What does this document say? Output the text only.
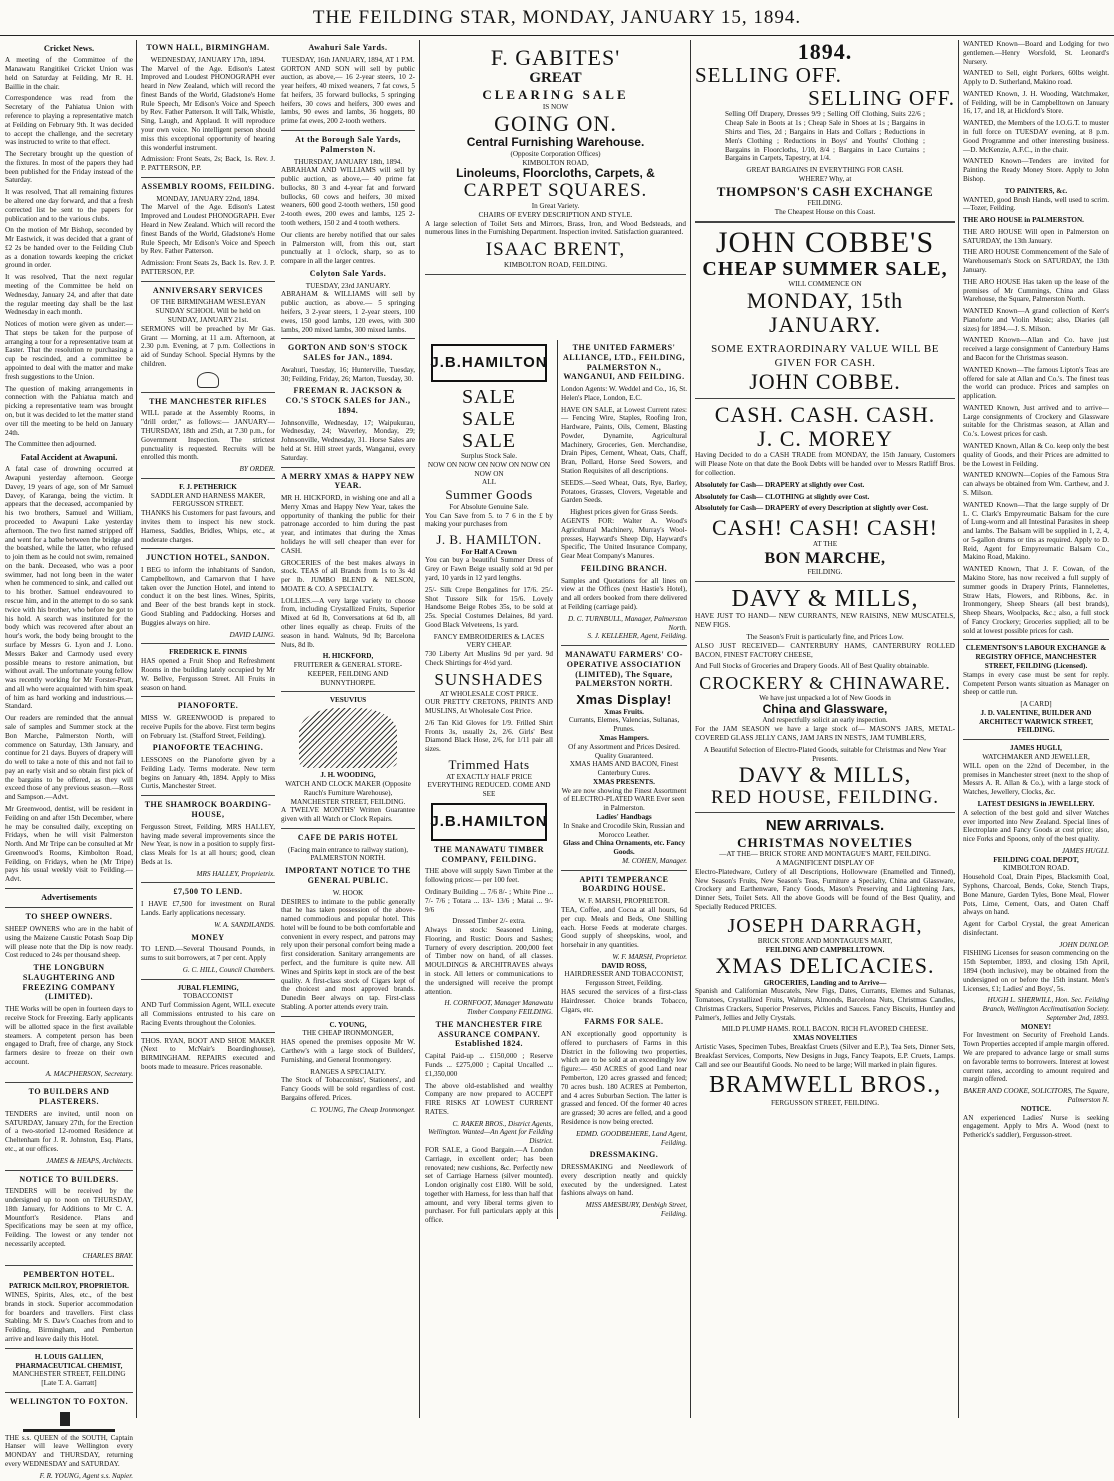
THE FEILDING STAR, MONDAY, JANUARY 15, 1894.
Cricket News.

A meeting of the Committee of the Manawatu Rangitikei Cricket Union was held on Saturday at Feilding, Mr R. H. Baillie in the chair.

Correspondence was read from the Secretary of the Pahiatua Union with reference to playing a representative match at Feilding on February 9th. It was decided to accept the challenge, and the secretary was instructed to write to that effect.

The Secretary brought up the question of the fixtures. In most of the papers they had been published for the Friday instead of the Saturday.

It was resolved, That all remaining fixtures be altered one day forward, and that a fresh corrected list be sent to the papers for publication and to the various clubs.

On the motion of Mr Bishop, seconded by Mr Eastwick, it was decided that a grant of £2 2s be handed over to the Feilding Club as a donation towards keeping the cricket ground in order.

It was resolved, That the next regular meeting of the Committee be held on Wednesday, January 24, and after that date the regular meeting day shall be the last Wednesday in each month.

Notices of motion were given as under:—That steps be taken for the purpose of arranging a tour for a representative team at Easter. That the resolution re purchasing a cup be rescinded, and a committee be appointed to deal with the matter and make fresh suggestions to the Union.

The question of making arrangements in connection with the Pahiatua match and picking a representative team was brought on, but it was decided to let the matter stand over till the meeting to be held on January 24th.

The Committee then adjourned.

Fatal Accident at Awapuni.

A fatal case of drowning occurred at Awapuni yesterday afternoon. George Davey, 19 years of age, son of Mr Samuel Davey, of Karanga, being the victim. It appears that the deceased, accompanied by his two brothers, Samuel and William, proceeded to Awapuni Lake yesterday afternoon. The two first named stripped off and went for a bathe between the bridge and the boatshed, while the latter, who refused to join them as he could not swim, remained on the bank. Deceased, who was a poor swimmer, had not long been in the water when he commenced to sink, and called out to his brother. Samuel endeavoured to rescue him, and in the attempt to do so sank twice with his brother, who before he got to his hold. A search was instituted for the body which was recovered after about an hour's work, the body being brought to the surface by Messrs G. Lyon and J. Lono. Messrs Baker and Carmody used every possible means to restore animation, but without avail. The unfortunate young fellow was recently working for Mr Forster-Pratt, and all who were acquainted with him speak of him as hard working and industrious.—Standard.

Our readers are reminded that the annual sale of samples and Summer stock at the Bon Marche, Palmerston North, will commence on Saturday, 13th January, and continue for 21 days. Buyers of drapery will do well to take a note of this and not fail to pay an early visit and so obtain first pick of the bargains to be offered, as they will exceed those of any previous season.—Ross and Sampson.—Advt.

Mr Greenwood, dentist, will be resident in Feilding on and after 15th December, where he may be consulted daily, excepting on Fridays, when he will visit Palmerston North. And Mr Tripe can be consulted at Mr Greenwood's Rooms, Kimbolton Road, Feilding, on Fridays, when he (Mr Tripe) pays his usual weekly visit to Feilding.—Advt.

Advertisements
TO SHEEP OWNERS.

SHEEP OWNERS who are in the habit of using the Maizene Caustic Potash Soap Dip will please note that the Dip is now ready. Cost reduced to 24s per thousand sheep.

THE LONGBURN SLAUGHTERING AND FREEZING COMPANY (LIMITED).

THE Works will be open in fourteen days to receive Stock for Freezing. Early applicants will be allotted space in the first available steamers. A competent person has been engaged to Draft, free of charge, any Stock farmers desire to freeze on their own account.

A. MACPHERSON, Secretary.

TO BUILDERS AND PLASTERERS.

TENDERS are invited, until noon on SATURDAY, January 27th, for the Erection of a two-storied 12-roomed Residence at Cheltenham for J. R. Johnston, Esq. Plans, etc., at our offices.

JAMES & HEAPS, Architects.

NOTICE TO BUILDERS.

TENDERS will be received by the undersigned up to noon on THURSDAY, 18th January, for Additions to Mr C. A. Mountfort's Residence. Plans and Specifications may be seen at my office, Feilding. The lowest or any tender not necessarily accepted.

CHARLES BRAY.

PEMBERTON HOTEL.
PATRICK McILROY, PROPRIETOR.

WINES, Spirits, Ales, etc., of the best brands in stock. Superior accommodation for boarders and travellers. First class Stabling. Mr S. Daw's Coaches from and to Feilding, Birmingham, and Pemberton arrive and leave daily this Hotel.

H. LOUIS GALLIEN, PHARMACEUTICAL CHEMIST,
MANCHESTER STREET, FEILDING
[Late T. A. Garratt]
WELLINGTON TO FOXTON.

THE s.s. QUEEN of the SOUTH, Captain Hanser will leave Wellington every MONDAY and THURSDAY, returning every WEDNESDAY and SATURDAY.

F. R. YOUNG, Agent s.s. Napier.

TOWN HALL, BIRMINGHAM.
WEDNESDAY, JANUARY 17th, 1894.

The Marvel of the Age. Edison's Latest Improved and Loudest PHONOGRAPH ever heard in New Zealand, which will record the finest Bands of the World, Gladstone's Home Rule Speech, Mr Edison's Voice and Speech by Rev. Father Patterson. It will Talk, Whistle, Sing, Laugh, and Applaud. It will reproduce your own voice. No intelligent person should miss this exceptional opportunity of hearing this wonderful instrument.

Admission: Front Seats, 2s; Back, 1s. Rev. J. P. PATTERSON, P.P.

ASSEMBLY ROOMS, FEILDING.
MONDAY, JANUARY 22nd, 1894.

The Marvel of the Age. Edison's Latest Improved and Loudest PHONOGRAPH. Ever Heard in New Zealand. Which will record the finest Bands of the World, Gladstone's Home Rule Speech, Mr Edison's Voice and Speech by Rev. Father Patterson.

Admission: Front Seats 2s, Back 1s. Rev. J. P. PATTERSON, P.P.

ANNIVERSARY SERVICES

OF THE BIRMINGHAM WESLEYAN SUNDAY SCHOOL Will be held on SUNDAY, JANUARY 21st.

SERMONS will be preached by Mr Gas. Grant — Morning, at 11 a.m. Afternoon, at 2.30 p.m. Evening, at 7 p.m. Collections in aid of Sunday School. Special Hymns by the children.

THE MANCHESTER RIFLES

WILL parade at the Assembly Rooms, in "drill order," as follows:— JANUARY—THURSDAY, 18th and 25th, at 7.30 p.m., for Government Inspection. The strictest punctuality is requested. Recruits will be enrolled this month.

BY ORDER.

F. J. PETHERICK
SADDLER AND HARNESS MAKER, FERGUSSON STREET.

THANKS his Customers for past favours, and invites them to inspect his new stock. Harness, Saddles, Bridles, Whips, etc., at moderate charges.

JUNCTION HOTEL, SANDON.

I BEG to inform the inhabitants of Sandon, Campbelltown, and Carnarvon that I have taken over the Junction Hotel, and intend to conduct it on the best lines. Wines, Spirits, and Beer of the best brands kept in stock. Good Stabling and Paddocking. Horses and Buggies always on hire.

DAVID LAING.

FREDERICK E. FINNIS

HAS opened a Fruit Shop and Refreshment Rooms in the building lately occupied by Mr W. Bellve, Fergusson Street. All Fruits in season on hand.

PIANOFORTE.

MISS W. GREENWOOD is prepared to receive Pupils for the above. First term begins on February 1st. (Stafford Street, Feilding).

PIANOFORTE TEACHING.

LESSONS on the Pianoforte given by a Feilding Lady. Terms moderate. New term begins on January 4th, 1894. Apply to Miss Curtis, Manchester Street.

THE SHAMROCK BOARDING-HOUSE,

Fergusson Street, Feilding. MRS HALLEY, having made several improvements since the New Year, is now in a position to supply first-class Meals for 1s at all hours; good, clean Beds at 1s.

MRS HALLEY, Proprietrix.

£7,500 TO LEND.

I HAVE £7,500 for investment on Rural Lands. Early applications necessary.

W. A. SANDILANDS.

MONEY

TO LEND.—Several Thousand Pounds, in sums to suit borrowers, at 7 per cent. Apply

G. C. HILL, Council Chambers.

JUBAL FLEMING,
TOBACCONIST

AND Turf Commission Agent, WILL execute all Commissions entrusted to his care on Racing Events throughout the Colonies.

THOS. RYAN, BOOT AND SHOE MAKER (Next to McNair's Boardinghouse), BIRMINGHAM. REPAIRS executed and boots made to measure. Prices reasonable.

Awahuri Sale Yards.
TUESDAY, 16th JANUARY, 1894, AT 1 P.M.

GORTON AND SON will sell by public auction, as above,— 16 2-year steers, 10 2-year heifers, 40 mixed weaners, 7 fat cows, 5 fat heifers, 35 forward bullocks, 5 springing heifers, 30 cows and heifers, 300 ewes and lambs, 90 ewes and lambs, 36 hoggets, 80 prime fat ewes, 200 2-tooth wethers.

At the Borough Sale Yards, Palmerston N.
THURSDAY, JANUARY 18th, 1894.

ABRAHAM AND WILLIAMS will sell by public auction, as above,— 40 prime fat bullocks, 80 3 and 4-year fat and forward bullocks, 60 cows and heifers, 30 mixed weaners, 600 good 2-tooth wethers, 150 good 2-tooth ewes, 200 ewes and lambs, 125 2-tooth wethers, 150 2 and 4 tooth wethers.

Our clients are hereby notified that our sales in Palmerston will, from this out, start punctually at 1 o'clock, sharp, so as to compare in all the larger centres.

Colyton Sale Yards.
TUESDAY, 23rd JANUARY.

ABRAHAM & WILLIAMS will sell by public auction, as above.— 5 springing heifers, 3 2-year steers, 1 2-year steers, 100 ewes, 150 good lambs, 120 ewes, with 300 lambs, 200 mixed lambs, 300 mixed lambs.

GORTON AND SON'S STOCK SALES for JAN., 1894.

Awahuri, Tuesday, 16; Hunterville, Tuesday, 30; Feilding, Friday, 26; Marton, Tuesday, 30.

FREEMAN R. JACKSON & CO.'S STOCK SALES for JAN., 1894.

Johnsonville, Wednesday, 17; Waipukurau, Wednesday, 24; Waverley, Monday, 29; Johnsonville, Wednesday, 31. Horse Sales are held at St. Hill street yards, Wanganui, every Saturday.

A MERRY XMAS & HAPPY NEW YEAR.

MR H. HICKFORD, in wishing one and all a Merry Xmas and Happy New Year, takes the opportunity of thanking the public for their patronage accorded to him during the past year, and intimates that during the Xmas holidays he will sell cheaper than ever for CASH.

GROCERIES of the best makes always in stock. TEAS of all Brands from 1s to 3s 4d per lb. JUMBO BLEND & NELSON, MOATE & CO. A SPECIALTY.

LOLLIES.—A very large variety to choose from, including Crystallized Fruits, Superior Mixed at 6d lb, Conversations at 6d lb, all other lines equally as cheap. Fruits of the season in hand. Walnuts, 9d lb; Barcelona Nuts, 8d lb.

H. HICKFORD,
FRUITERER & GENERAL STORE-KEEPER, FEILDING AND BUNNYTHORPE.
VESUVIUS
J. H. WOODING,
WATCH AND CLOCK MAKER (Opposite Rauch's Furniture Warehouse), MANCHESTER STREET, FEILDING.

A TWELVE MONTHS' Written Guarantee given with all Watch or Clock Repairs.

CAFE DE PARIS HOTEL

(Facing main entrance to railway station), PALMERSTON NORTH.

IMPORTANT NOTICE TO THE GENERAL PUBLIC.
W. HOOK

DESIRES to intimate to the public generally that he has taken possession of the above-named commodious and popular hotel. This hotel will be found to be both comfortable and convenient in every respect, and patrons may rely upon their personal comfort being made a first consideration. Sanitary arrangements are perfect, and the furniture is quite new. All Wines and Spirits kept in stock are of the best quality. A first-class stock of Cigars kept of the choicest and most approved brands. Dunedin Beer always on tap. First-class Stabling. A porter attends every train.

C. YOUNG,
THE CHEAP IRONMONGER,

HAS opened the premises opposite Mr W. Carthew's with a large stock of Builders', Furnishing, and General Ironmongery.

RANGES A SPECIALTY.

The Stock of Tobacconists', Stationers', and Fancy Goods will be sold regardless of cost. Bargains offered. Prices.

C. YOUNG, The Cheap Ironmonger.

F. GABITES'
GREAT
CLEARING SALE
IS NOW
GOING ON.
Central Furnishing Warehouse.
(Opposite Corporation Offices)
KIMBOLTON ROAD,
Linoleums, Floorcloths, Carpets, &
CARPET SQUARES.
In Great Variety.
CHAIRS OF EVERY DESCRIPTION AND STYLE.

A large selection of Toilet Sets and Mirrors, Brass, Iron, and Wood Bedsteads, and numerous lines in the Furnishing Department. Inspection invited. Satisfaction guaranteed.

ISAAC BRENT,
KIMBOLTON ROAD, FEILDING.
J.B.HAMILTON
SALE
SALE
SALE
Surplus Stock Sale.
NOW ON NOW ON NOW ON NOW ON NOW ON
ALL
Summer Goods
For Absolute Genuine Sale.

You Can Save from 5. to 7 6 in the £ by making your purchases from

J. B. HAMILTON.
For Half A Crown

You can buy a beautiful Summer Dress of Grey or Fawn Beige usually sold at 9d per yard, 10 yards in 12 yard lengths.

25/- Silk Crepe Bengalines for 17/6. 25/- Shot Tussore Silk for 15/6. Lovely Handsome Beige Robes 35s, to be sold at 25s. Special Costumes Delaines, 8d yard. Good Black Velveteens, 1s yard.

FANCY EMBROIDERIES & LACES VERY CHEAP.

730 Liberty Art Muslins 9d per yard. 9d Check Shirtings for 4½d yard.

SUNSHADES
AT WHOLESALE COST PRICE.

OUR PRETTY CRETONS, PRINTS AND MUSLINS, At Wholesale Cost Price.

2/6 Tan Kid Gloves for 1/9. Frilled Shirt Fronts 3s, usually 2s, 2/6. Girls' Best Diamond Black Hose, 2/6, for 1/11 pair all sizes.

Trimmed Hats
AT EXACTLY HALF PRICE
EVERYTHING REDUCED. COME AND SEE
J.B.HAMILTON
THE MANAWATU TIMBER COMPANY, FEILDING.

THE above will supply Sawn Timber at the following prices:— per 100 feet.

Ordinary Building ... 7/6 8/- ; White Pine ... 7/- 7/6 ; Totara ... 13/- 13/6 ; Matai ... 9/- 9/6

Dressed Timber 2/- extra.

Always in stock: Seasoned Lining, Flooring, and Rustic: Doors and Sashes; Turnery of every description. 200,000 feet of Timber now on hand, of all classes. MOULDINGS & ARCHITRAVES always in stock. All letters or communications to the undersigned will receive the prompt attention.

H. CORNFOOT, Manager Manawatu Timber Company FEILDING.

THE MANCHESTER FIRE ASSURANCE COMPANY. Established 1824.

Capital Paid-up ... £150,000 ; Reserve Funds ... £275,000 ; Capital Uncalled ... £1,350,000

The above old-established and wealthy Company are now prepared to ACCEPT FIRE RISKS AT LOWEST CURRENT RATES.

C. RAKER BROS., District Agents, Wellington. Wanted—An Agent for Feilding District.

FOR SALE, a Good Bargain.—A London Carriage, in excellent order; has been renovated; new cushions, &c. Perfectly new set of Carriage Harness (silver mounted). London originally cost £180. Will be sold, together with Harness, for less than half that amount, and very liberal terms given to purchaser. For full particulars apply at this office.

THE UNITED FARMERS' ALLIANCE, LTD., FEILDING, PALMERSTON N., WANGANUI, AND FEILDING.

London Agents: W. Weddel and Co., 16, St. Helen's Place, London, E.C.

HAVE ON SALE, at Lowest Current rates:— Fencing Wire, Staples, Roofing Iron, Hardware, Paints, Oils, Cement, Blasting Powder, Dynamite, Agricultural Machinery, Groceries, Gen. Merchandise, Drain Pipes, Cement, Wheat, Oats, Chaff, Bran, Pollard, Horse Seed Sowers, and Station Requisites of all descriptions.

SEEDS.—Seed Wheat, Oats, Rye, Barley, Potatoes, Grasses, Clovers, Vegetable and Garden Seeds.

Highest prices given for Grass Seeds.

AGENTS FOR: Walter A. Wood's Agricultural Machinery, Murray's Wool-presses, Hayward's Sheep Dip, Hayward's Specific, The United Insurance Company, Gear Meat Company's Manures.

FEILDING BRANCH.

Samples and Quotations for all lines on view at the Offices (next Hastie's Hotel), and all orders booked from there delivered at Feilding (carriage paid).

D. C. TURNBULL, Manager, Palmerston North.

S. J. KELLEHER, Agent, Feilding.

MANAWATU FARMERS' CO-OPERATIVE ASSOCIATION (LIMITED), The Square, PALMERSTON NORTH.
Xmas Display!
Xmas Fruits.

Currants, Elemes, Valencias, Sultanas, Prunes.

Xmas Hampers.

Of any Assortment and Prices Desired. Quality Guaranteed.

XMAS HAMS AND BACON, Finest Canterbury Cures.

XMAS PRESENTS.

We are now showing the Finest Assortment of ELECTRO-PLATED WARE Ever seen in Palmerston.

Ladies' Handbags

In Snake and Crocodile Skin, Russian and Morocco Leather.

Glass and China Ornaments, etc. Fancy Goods.

M. COHEN, Manager.

APITI TEMPERANCE BOARDING HOUSE.
W. F. MARSH, PROPRIETOR.

TEA, Coffee, and Cocoa at all hours, 6d per cup. Meals and Beds, One Shilling each. Horse Feeds at moderate charges. Good supply of sheepskins, wool, and horsehair in any quantities.

W. F. MARSH, Proprietor.

DAVID ROSS,
HAIRDRESSER AND TOBACCONIST, Fergusson Street, Feilding.

HAS secured the services of a first-class Hairdresser. Choice brands Tobacco, Cigars, etc.

FARMS FOR SALE.

AN exceptionally good opportunity is offered to purchasers of Farms in this District in the following two properties, which are to be sold at an exceedingly low figure:— 450 ACRES of good Land near Pemberton, 120 acres grassed and fenced; 70 acres bush. 180 ACRES at Pemberton, and 4 acres Suburban Section. The latter is grassed and fenced. Of the former 40 acres are grassed; 30 acres are felled, and a good Residence is now being erected.

EDMD. GOODBEHERE, Land Agent, Feilding.

DRESSMAKING.

DRESSMAKING and Needlework of every description neatly and quickly executed by the undersigned. Latest fashions always on hand.

MISS AMESBURY, Denbigh Street, Feilding.

1894.
SELLING OFF.
SELLING OFF.

Selling Off Drapery, Dresses 9/9 ; Selling Off Clothing, Suits 22/6 ; Cheap Sale in Boots at 1s ; Cheap Sale in Shoes at 1s ; Bargains in Shirts and Ties, 2d ; Bargains in Hats and Collars ; Reductions in Men's Clothing ; Reductions in Boys' and Youths' Clothing ; Bargains in Floorcloths, 1/10, 8/4 ; Bargains in Lace Curtains ; Bargains in Carpets, Tapestry, at 1/4.

GREAT BARGAINS IN EVERYTHING FOR CASH.
WHERE? Why, at
THOMPSON'S CASH EXCHANGE
FEILDING.
The Cheapest House on this Coast.
JOHN COBBE'S
CHEAP SUMMER SALE,
WILL COMMENCE ON
MONDAY, 15th JANUARY.
SOME EXTRAORDINARY VALUE WILL BE GIVEN FOR CASH.
JOHN COBBE.
CASH. CASH. CASH.
J. C. MOREY

Having Decided to do a CASH TRADE from MONDAY, the 15th January, Customers will Please Note on that date the Book Debts will be handed over to Messrs Ratliff Bros. for collection.

Absolutely for Cash— DRAPERY at slightly over Cost.

Absolutely for Cash— CLOTHING at slightly over Cost.

Absolutely for Cash— DRAPERY of every Description at slightly over Cost.

CASH! CASH! CASH!
AT THE
BON MARCHE,
FEILDING.
DAVY & MILLS,

HAVE JUST TO HAND— NEW CURRANTS, NEW RAISINS, NEW MUSCATELS, NEW FIGS.

The Season's Fruit is particularly fine, and Prices Low.

ALSO JUST RECEIVED— CANTERBURY HAMS, CANTERBURY ROLLED BACON, FINEST FACTORY CHEESE,

And Full Stocks of Groceries and Drapery Goods. All of Best Quality obtainable.

CROCKERY & CHINAWARE.
We have just unpacked a lot of New Goods in
China and Glassware,
And respectfully solicit an early inspection.

For the JAM SEASON we have a large stock of— MASON'S JARS, METAL-COVERED GLASS JELLY CANS, JAM JARS IN NESTS, JAM TUMBLERS,

A Beautiful Selection of Electro-Plated Goods, suitable for Christmas and New Year Presents.

DAVY & MILLS,
RED HOUSE, FEILDING.
NEW ARRIVALS.
CHRISTMAS NOVELTIES
—AT THE— BRICK STORE AND MONTAGUE'S MART, FEILDING.
A MAGNIFICENT DISPLAY OF

Electro-Platedware, Cutlery of all Descriptions, Hollowware (Enamelled and Tinned), New Season's Fruits, New Season's Teas, Furniture a Specialty, China and Glassware, Crockery and Earthenware, Fancy Goods, Mason's Preserving and Lightening Jars, Dinner Sets, Toilet Sets. All the above Goods will be found of the Best Quality, and Specially Reduced PRICES.

JOSEPH DARRAGH,
BRICK STORE AND MONTAGUE'S MART,
FEILDING AND CAMPBELLTOWN.
XMAS DELICACIES.
GROCERIES, Landing and to Arrive—

Spanish and Californian Muscatels, New Figs, Dates, Currants, Elemes and Sultanas, Tomatoes, Crystallized Fruits, Walnuts, Almonds, Barcelona Nuts, Christmas Candles, Christmas Crackers, Superior Preserves, Pickles and Sauces. Fancy Biscuits, Huntley and Palmer's, Jellies and Jelly Crystals.

MILD PLUMP HAMS. ROLL BACON. RICH FLAVORED CHEESE.
XMAS NOVELTIES

Artistic Vases, Specimen Tubes, Breakfast Cruets (Silver and E.P.), Tea Sets, Dinner Sets, Breakfast Services, Comports, New Designs in Jugs, Fancy Teapots, E.P. Cruets, Lamps. Call and see our Beautiful Goods. No need to be large; Will marked in plain figures.

BRAMWELL BROS.,
FERGUSSON STREET, FEILDING.

WANTED Known—Board and Lodging for two gentlemen.—Henry Worsfold, St. Leonard's Nursery.

WANTED to Sell, eight Porkers, 60lbs weight. Apply to D. Sutherland, Makino road.

WANTED Known, J. H. Wooding, Watchmaker, of Feilding, will be in Campbelltown on January 16, 17, and 18, at Hickford's Store.

WANTED, the Members of the I.O.G.T. to muster in full force on TUESDAY evening, at 8 p.m. Good Programme and other interesting business.—D. McKenzie, A.F.C., in the chair.

WANTED Known—Tenders are invited for Painting the Ready Money Store. Apply to John Bishop.

TO PAINTERS, &c.

WANTED, good Brush Hands, well used to scrim.—Tozer, Feilding.

THE ARO HOUSE in PALMERSTON.

THE ARO HOUSE Will open in Palmerston on SATURDAY, the 13th January.

THE ARO HOUSE Commencement of the Sale of Warehouseman's Stock on SATURDAY, the 13th January.

THE ARO HOUSE Has taken up the lease of the premises of Mr Cummings, China and Glass Warehouse, the Square, Palmerston North.

WANTED Known—A grand collection of Kerr's Pianoforte and Violin Music; also, Diaries (all sizes) for 1894.—J. S. Milson.

WANTED Known—Allan and Co. have just received a large consignment of Canterbury Hams and Bacon for the Christmas season.

WANTED Known—The famous Lipton's Teas are offered for sale at Allan and Co.'s. The finest teas the world can produce. Prices and samples on application.

WANTED Known, Just arrived and to arrive—Large consignments of Crockery and Glassware suitable for the Christmas season, at Allan and Co.'s. Lowest prices for cash.

WANTED Known, Allan & Co. keep only the best quality of Goods, and their Prices are admitted to be the Lowest in Feilding.

WANTED KNOWN—Copies of the Famous Stra can always be obtained from Wm. Carthew, and J. S. Milson.

WANTED Known—That the large supply of Dr L. C. Clark's Empyreumatic Balsam for the cure of Lung-worm and all Intestinal Parasites in sheep and lambs. The Balsam will be supplied in 1, 2, 4, or 5-gallon drums or tins as required. Apply to D. Reid, Agent for Empyreumatic Balsam Co., Makino Road, Makino.

WANTED Known, That J. F. Cowan, of the Makino Store, has now received a full supply of summer goods in Drapery Prints, Flannelettes, Straw Hats, Flowers, and Ribbons, &c. in Ironmongery, Sheep Shears (all best brands), Sheep Shears, Woolpacks, &c.; also, a full stock of Fancy Crockery; Groceries supplied; all to be sold at lowest possible prices for cash.

CLEMENTSON'S LABOUR EXCHANGE & REGISTRY OFFICE, MANCHESTER STREET, FEILDING (Licensed).

Stamps in every case must be sent for reply. Competent Person wants situation as Manager on sheep or cattle run.

[A CARD]
J. D. VALENTINE, BUILDER AND ARCHITECT WARWICK STREET, FEILDING.
JAMES HUGLI,
WATCHMAKER AND JEWELLER,

WILL open on the 22nd of December, in the premises in Manchester street (next to the shop of Messrs A. R. Allan & Co.), with a large stock of Watches, Jewellery, Clocks, &c.

LATEST DESIGNS in JEWELLERY.

A selection of the best gold and silver Watches ever imported into New Zealand. Special lines of Electroplate and Fancy Goods at cost price; also, nice Forks and Spoons, only of the best quality.

JAMES HUGLI.

FEILDING COAL DEPOT,
KIMBOLTON ROAD.

Household Coal, Drain Pipes, Blacksmith Coal, Syphons, Charcoal, Bends, Coke, Stench Traps, Bone Manure, Garden Tyles, Bone Meal, Flower Pots, Lime, Cement, Oats, and Oaten Chaff always on hand.

Agent for Carbol Crystal, the great American disinfectant.

JOHN DUNLOP.

FISHING Licenses for season commencing on the 15th September, 1893, and closing 15th April, 1894 (both inclusive), may be obtained from the undersigned on or before the 15th instant. Men's Licenses, £1; Ladies' and Boys', 5s.

HUGH L. SHERWILL, Hon. Sec. Feilding Branch, Wellington Acclimatisation Society. September 2nd, 1893.

MONEY!

For Investment on Security of Freehold Lands. Town Properties accepted if ample margin offered. We are prepared to advance large or small sums on favorable terms to borrowers. Interest at lowest current rates, according to amount required and margin offered.

BAKER AND COOKE, SOLICITORS, The Square, Palmerston N.

NOTICE.

AN experienced Ladies' Nurse is seeking engagement. Apply to Mrs A. Wood (next to Petherick's saddler), Fergusson-street.
